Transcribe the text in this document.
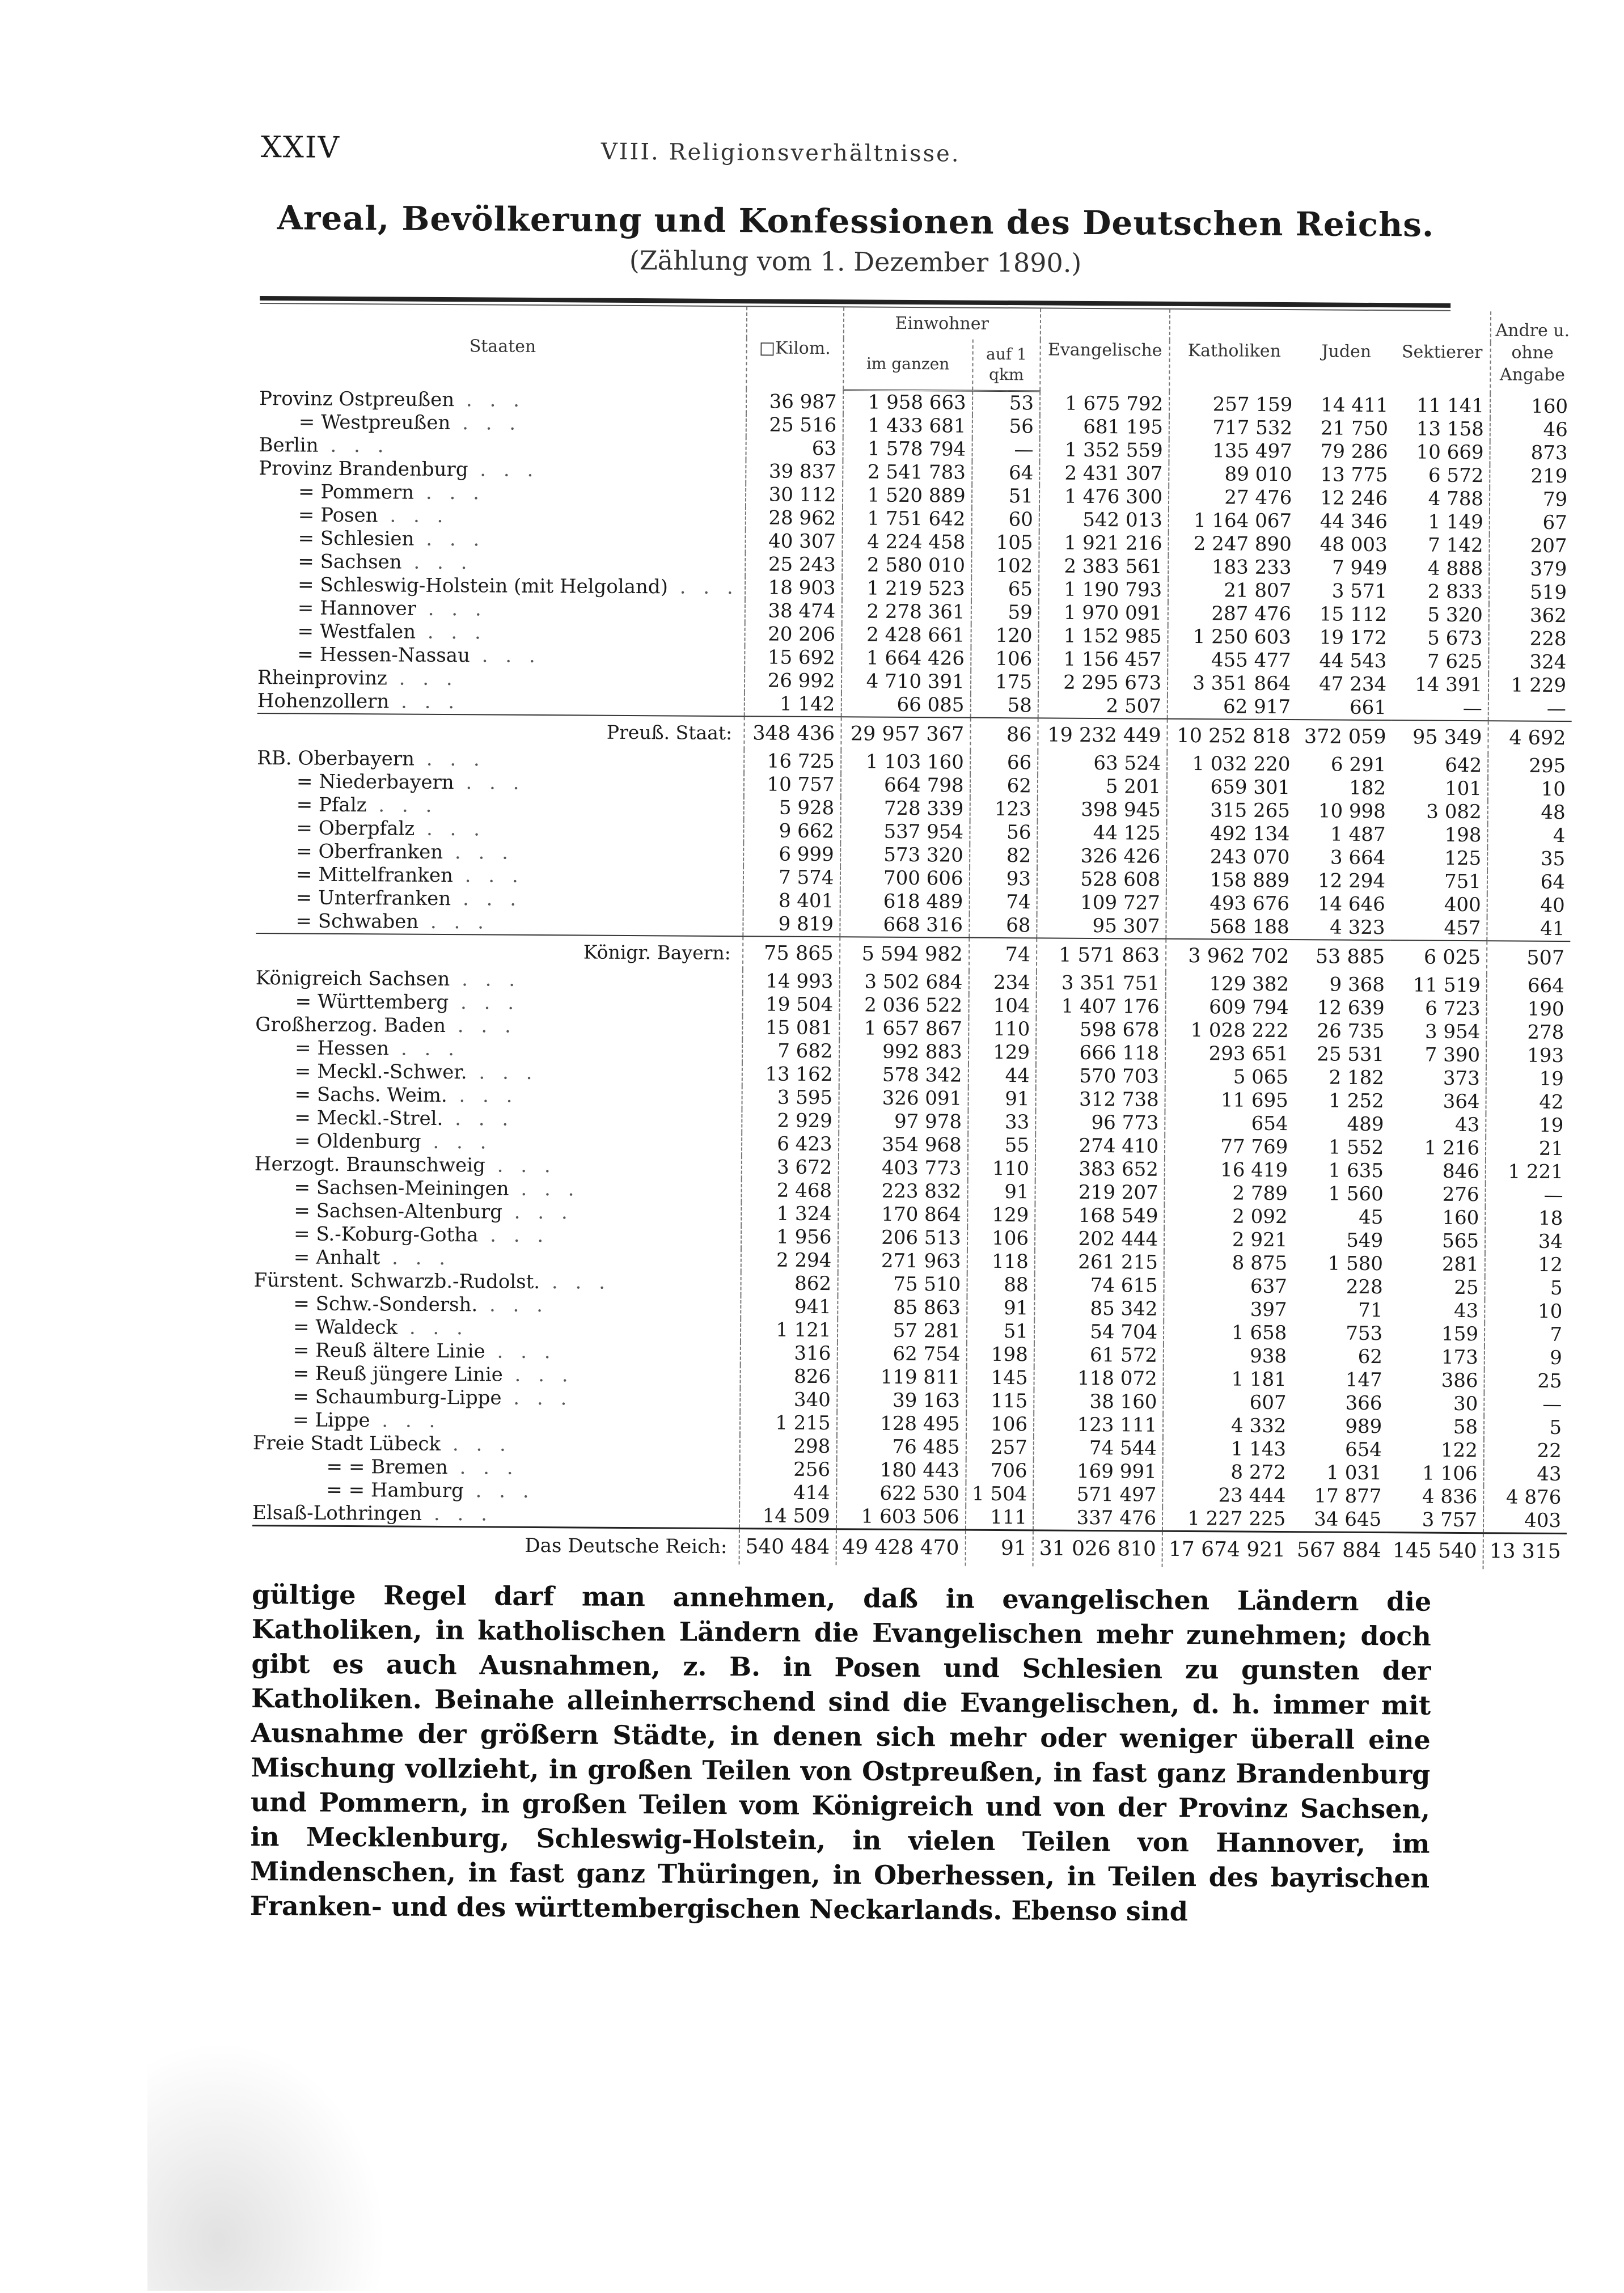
XXIV	VIII. Religionsverhältnisse.
Areal, Bevölkerung und Konfessionen des Deutschen Reichs.
(Zählung vom 1. Dezember 1890.)
Staaten	□Kilom.	Einwohner		Evangelische	Katholiken	Juden	Sektierer	Andre u. ohne Angabe
		im ganzen	auf 1 qkm					
Provinz Ostpreußen . . .	36 987	1 958 663	53	1 675 792	257 159	14 411	11 141	160
= Westpreußen . . .	25 516	1 433 681	56	681 195	717 532	21 750	13 158	46
Berlin . . .	63	1 578 794	—	1 352 559	135 497	79 286	10 669	873
Provinz Brandenburg . . .	39 837	2 541 783	64	2 431 307	89 010	13 775	6 572	219
= Pommern . . .	30 112	1 520 889	51	1 476 300	27 476	12 246	4 788	79
= Posen . . .	28 962	1 751 642	60	542 013	1 164 067	44 346	1 149	67
= Schlesien . . .	40 307	4 224 458	105	1 921 216	2 247 890	48 003	7 142	207
= Sachsen . . .	25 243	2 580 010	102	2 383 561	183 233	7 949	4 888	379
= Schleswig-Holstein (mit Helgoland) . . .	18 903	1 219 523	65	1 190 793	21 807	3 571	2 833	519
= Hannover . . .	38 474	2 278 361	59	1 970 091	287 476	15 112	5 320	362
= Westfalen . . .	20 206	2 428 661	120	1 152 985	1 250 603	19 172	5 673	228
= Hessen-Nassau . . .	15 692	1 664 426	106	1 156 457	455 477	44 543	7 625	324
Rheinprovinz . . .	26 992	4 710 391	175	2 295 673	3 351 864	47 234	14 391	1 229
Hohenzollern . . .	1 142	66 085	58	2 507	62 917	661	—	—
Preuß. Staat:	348 436	29 957 367	86	19 232 449	10 252 818	372 059	95 349	4 692
RB. Oberbayern . . .	16 725	1 103 160	66	63 524	1 032 220	6 291	642	295
= Niederbayern . . .	10 757	664 798	62	5 201	659 301	182	101	10
= Pfalz . . .	5 928	728 339	123	398 945	315 265	10 998	3 082	48
= Oberpfalz . . .	9 662	537 954	56	44 125	492 134	1 487	198	4
= Oberfranken . . .	6 999	573 320	82	326 426	243 070	3 664	125	35
= Mittelfranken . . .	7 574	700 606	93	528 608	158 889	12 294	751	64
= Unterfranken . . .	8 401	618 489	74	109 727	493 676	14 646	400	40
= Schwaben . . .	9 819	668 316	68	95 307	568 188	4 323	457	41
Königr. Bayern:	75 865	5 594 982	74	1 571 863	3 962 702	53 885	6 025	507
Königreich Sachsen . . .	14 993	3 502 684	234	3 351 751	129 382	9 368	11 519	664
= Württemberg . . .	19 504	2 036 522	104	1 407 176	609 794	12 639	6 723	190
Großherzog. Baden . . .	15 081	1 657 867	110	598 678	1 028 222	26 735	3 954	278
= Hessen . . .	7 682	992 883	129	666 118	293 651	25 531	7 390	193
= Meckl.-Schwer. . . .	13 162	578 342	44	570 703	5 065	2 182	373	19
= Sachs. Weim. . . .	3 595	326 091	91	312 738	11 695	1 252	364	42
= Meckl.-Strel. . . .	2 929	97 978	33	96 773	654	489	43	19
= Oldenburg . . .	6 423	354 968	55	274 410	77 769	1 552	1 216	21
Herzogt. Braunschweig . . .	3 672	403 773	110	383 652	16 419	1 635	846	1 221
= Sachsen-Meiningen . . .	2 468	223 832	91	219 207	2 789	1 560	276	—
= Sachsen-Altenburg . . .	1 324	170 864	129	168 549	2 092	45	160	18
= S.-Koburg-Gotha . . .	1 956	206 513	106	202 444	2 921	549	565	34
= Anhalt . . .	2 294	271 963	118	261 215	8 875	1 580	281	12
Fürstent. Schwarzb.-Rudolst. . . .	862	75 510	88	74 615	637	228	25	5
= Schw.-Sondersh. . . .	941	85 863	91	85 342	397	71	43	10
= Waldeck . . .	1 121	57 281	51	54 704	1 658	753	159	7
= Reuß ältere Linie . . .	316	62 754	198	61 572	938	62	173	9
= Reuß jüngere Linie . . .	826	119 811	145	118 072	1 181	147	386	25
= Schaumburg-Lippe . . .	340	39 163	115	38 160	607	366	30	—
= Lippe . . .	1 215	128 495	106	123 111	4 332	989	58	5
Freie Stadt Lübeck . . .	298	76 485	257	74 544	1 143	654	122	22
= = Bremen . . .	256	180 443	706	169 991	8 272	1 031	1 106	43
= = Hamburg . . .	414	622 530	1 504	571 497	23 444	17 877	4 836	4 876
Elsaß-Lothringen . . .	14 509	1 603 506	111	337 476	1 227 225	34 645	3 757	403
Das Deutsche Reich:	540 484	49 428 470	91	31 026 810	17 674 921	567 884	145 540	13 315
gültige Regel darf man annehmen, daß in evangelischen Ländern die Katholiken, in katholischen Ländern die Evangelischen mehr zunehmen; doch gibt es auch Ausnahmen, z. B. in Posen und Schlesien zu gunsten der Katholiken. Beinahe alleinherrschend sind die Evangelischen, d. h. immer mit Ausnahme der größern Städte, in denen sich mehr oder weniger überall eine Mischung vollzieht, in großen Teilen von Ostpreußen, in fast ganz Brandenburg und Pommern, in großen Teilen vom Königreich und von der Provinz Sachsen, in Mecklenburg, Schleswig-Holstein, in vielen Teilen von Hannover, im Mindenschen, in fast ganz Thüringen, in Oberhessen, in Teilen des bayrischen Franken- und des württembergischen Neckarlands. Ebenso sind
